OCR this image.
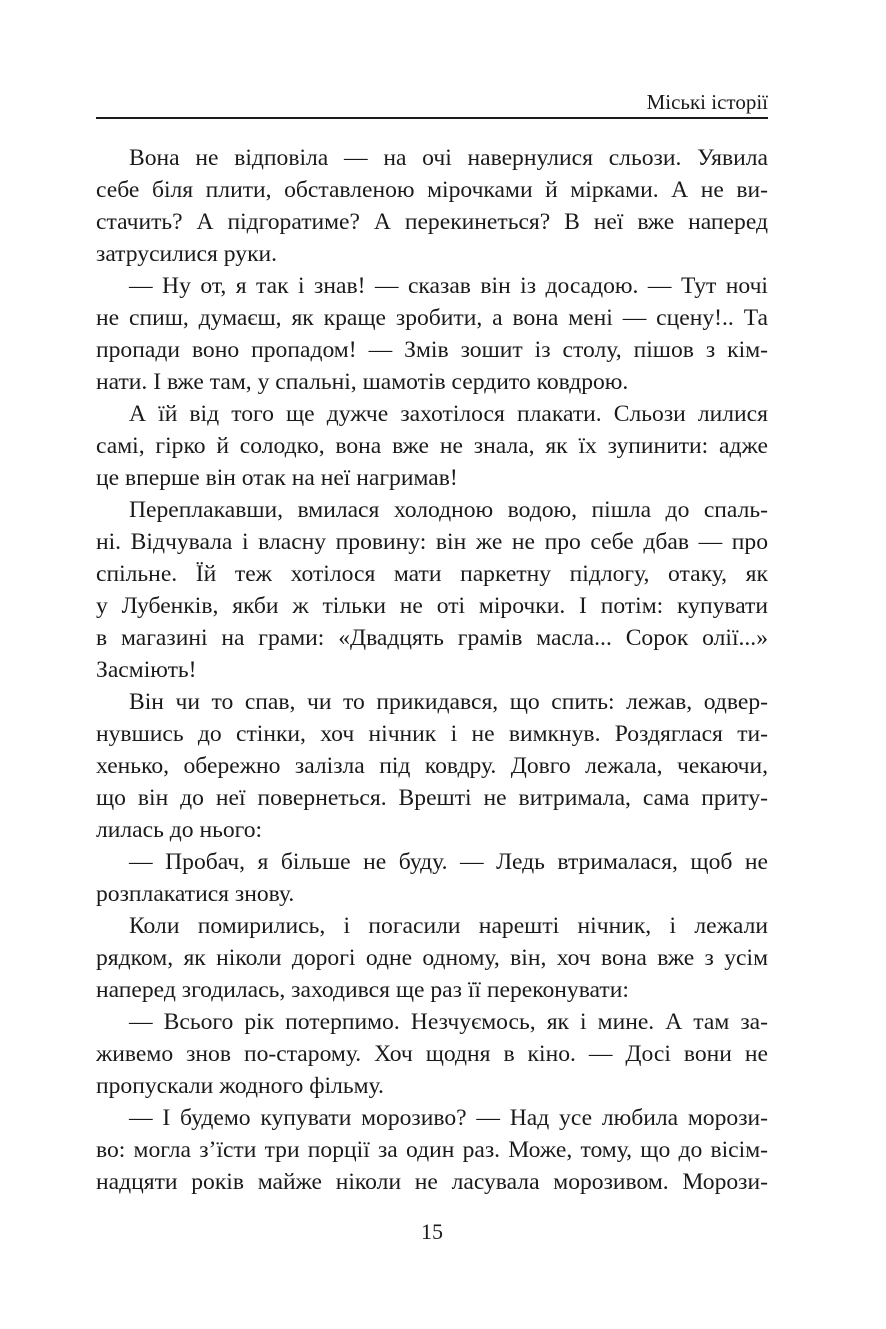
Міські історії
Вона не відповіла — на очі навернулися сльози. Уявила
себе біля плити, обставленою мірочками й мірками. А не ви-
стачить? А підгоратиме? А перекинеться? В неї вже наперед
затрусилися руки.
— Ну от, я так і знав! — сказав він із досадою. — Тут ночі
не спиш, думаєш, як краще зробити, а вона мені — сцену!.. Та
пропади воно пропадом! — Змів зошит із столу, пішов з кім-
нати. І вже там, у спальні, шамотів сердито ковдрою.
А їй від того ще дужче захотілося плакати. Сльози лилися
самі, гірко й солодко, вона вже не знала, як їх зупинити: адже
це вперше він отак на неї нагримав!
Переплакавши, вмилася холодною водою, пішла до спаль-
ні. Відчувала і власну провину: він же не про себе дбав — про
спільне. Їй теж хотілося мати паркетну підлогу, отаку, як
у Лубенків, якби ж тільки не оті мірочки. І потім: купувати
в магазині на грами: «Двадцять грамів масла... Сорок олії...»
Засміють!
Він чи то спав, чи то прикидався, що спить: лежав, одвер-
нувшись до стінки, хоч нічник і не вимкнув. Роздяглася ти-
хенько, обережно залізла під ковдру. Довго лежала, чекаючи,
що він до неї повернеться. Врешті не витримала, сама приту-
лилась до нього:
— Пробач, я більше не буду. — Ледь втрималася, щоб не
розплакатися знову.
Коли помирились, і погасили нарешті нічник, і лежали
рядком, як ніколи дорогі одне одному, він, хоч вона вже з усім
наперед згодилась, заходився ще раз її переконувати:
— Всього рік потерпимо. Незчуємось, як і мине. А там за-
живемо знов по-старому. Хоч щодня в кіно. — Досі вони не
пропускали жодного фільму.
— І будемо купувати морозиво? — Над усе любила морози-
во: могла з’їсти три порції за один раз. Може, тому, що до вісім-
надцяти років майже ніколи не ласувала морозивом. Морози-
15
